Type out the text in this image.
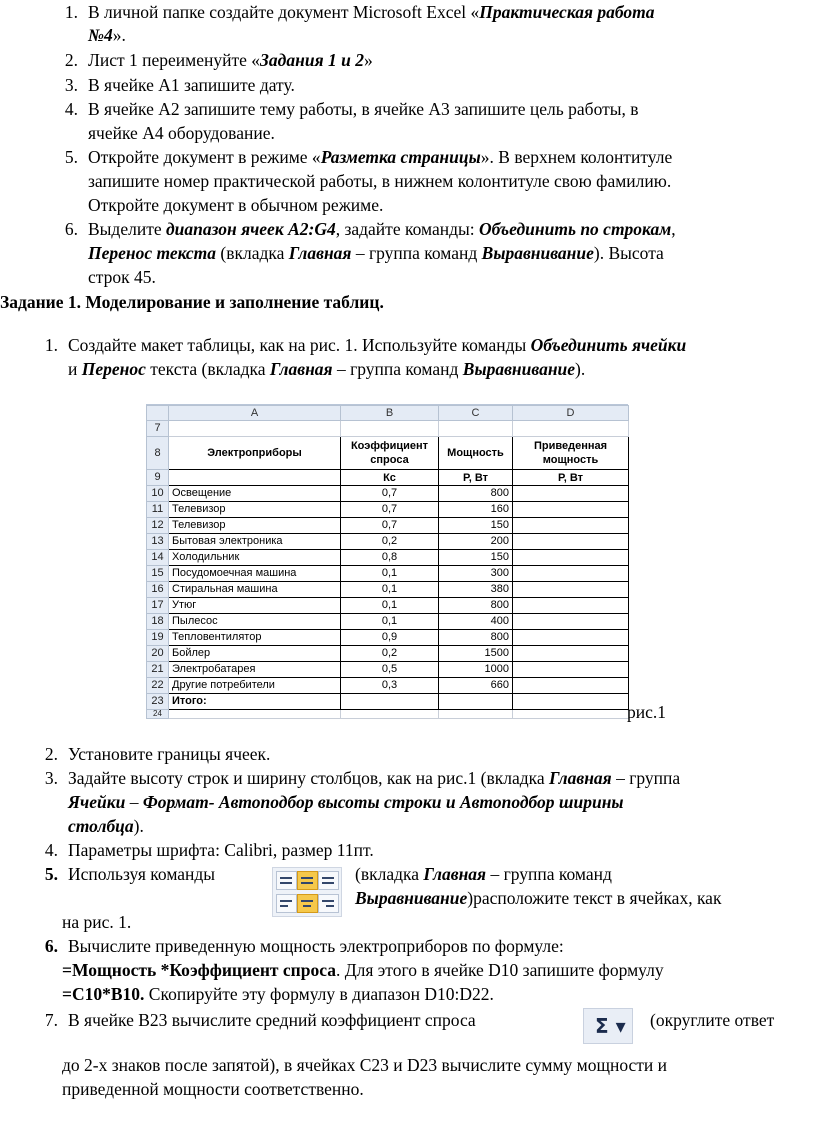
1. В личной папке создайте документ Microsoft Excel «Практическая работа
№4».
2. Лист 1 переименуйте «Задания 1 и 2»
3. В ячейке А1 запишите дату.
4. В ячейке А2 запишите тему работы, в ячейке А3 запишите цель работы, в
ячейке А4 оборудование.
5. Откройте документ в режиме «Разметка страницы». В верхнем колонтитуле
запишите номер практической работы, в нижнем колонтитуле свою фамилию.
Откройте документ в обычном режиме.
6. Выделите диапазон ячеек А2:G4, задайте команды: Объединить по строкам,
Перенос текста (вкладка Главная – группа команд Выравнивание). Высота
строк 45.
Задание 1. Моделирование и заполнение таблиц.
1. Создайте макет таблицы, как на рис. 1. Используйте команды Объединить ячейки
и Перенос текста (вкладка Главная – группа команд Выравнивание).
	A	B	C	D
7				
8	Электроприборы	Коэффициент спроса	Мощность	Приведенная мощность
9		Кс	Р, Вт	Р, Вт
10	Освещение	0,7	800	
11	Телевизор	0,7	160	
12	Телевизор	0,7	150	
13	Бытовая электроника	0,2	200	
14	Холодильник	0,8	150	
15	Посудомоечная машина	0,1	300	
16	Стиральная машина	0,1	380	
17	Утюг	0,1	800	
18	Пылесос	0,1	400	
19	Тепловентилятор	0,9	800	
20	Бойлер	0,2	1500	
21	Электробатарея	0,5	1000	
22	Другие потребители	0,3	660	
23	Итого:			
24					рис.1
2. Установите границы ячеек.
3. Задайте высоту строк и ширину столбцов, как на рис.1 (вкладка Главная – группа
Ячейки – Формат- Автоподбор высоты строки и Автоподбор ширины
столбца).
4. Параметры шрифта: Calibri, размер 11пт.
5. Используя команды	(вкладка Главная – группа команд
Выравнивание)расположите текст в ячейках, как
на рис. 1.
6. Вычислите приведенную мощность электроприборов по формуле:
=Мощность *Коэффициент спроса. Для этого в ячейке D10 запишите формулу
=C10*B10. Скопируйте эту формулу в диапазон D10:D22.
7. В ячейке В23 вычислите средний коэффициент спроса	(округлите ответ
до 2-х знаков после запятой), в ячейках С23 и D23 вычислите сумму мощности и
приведенной мощности соответственно.
Σ ▾
